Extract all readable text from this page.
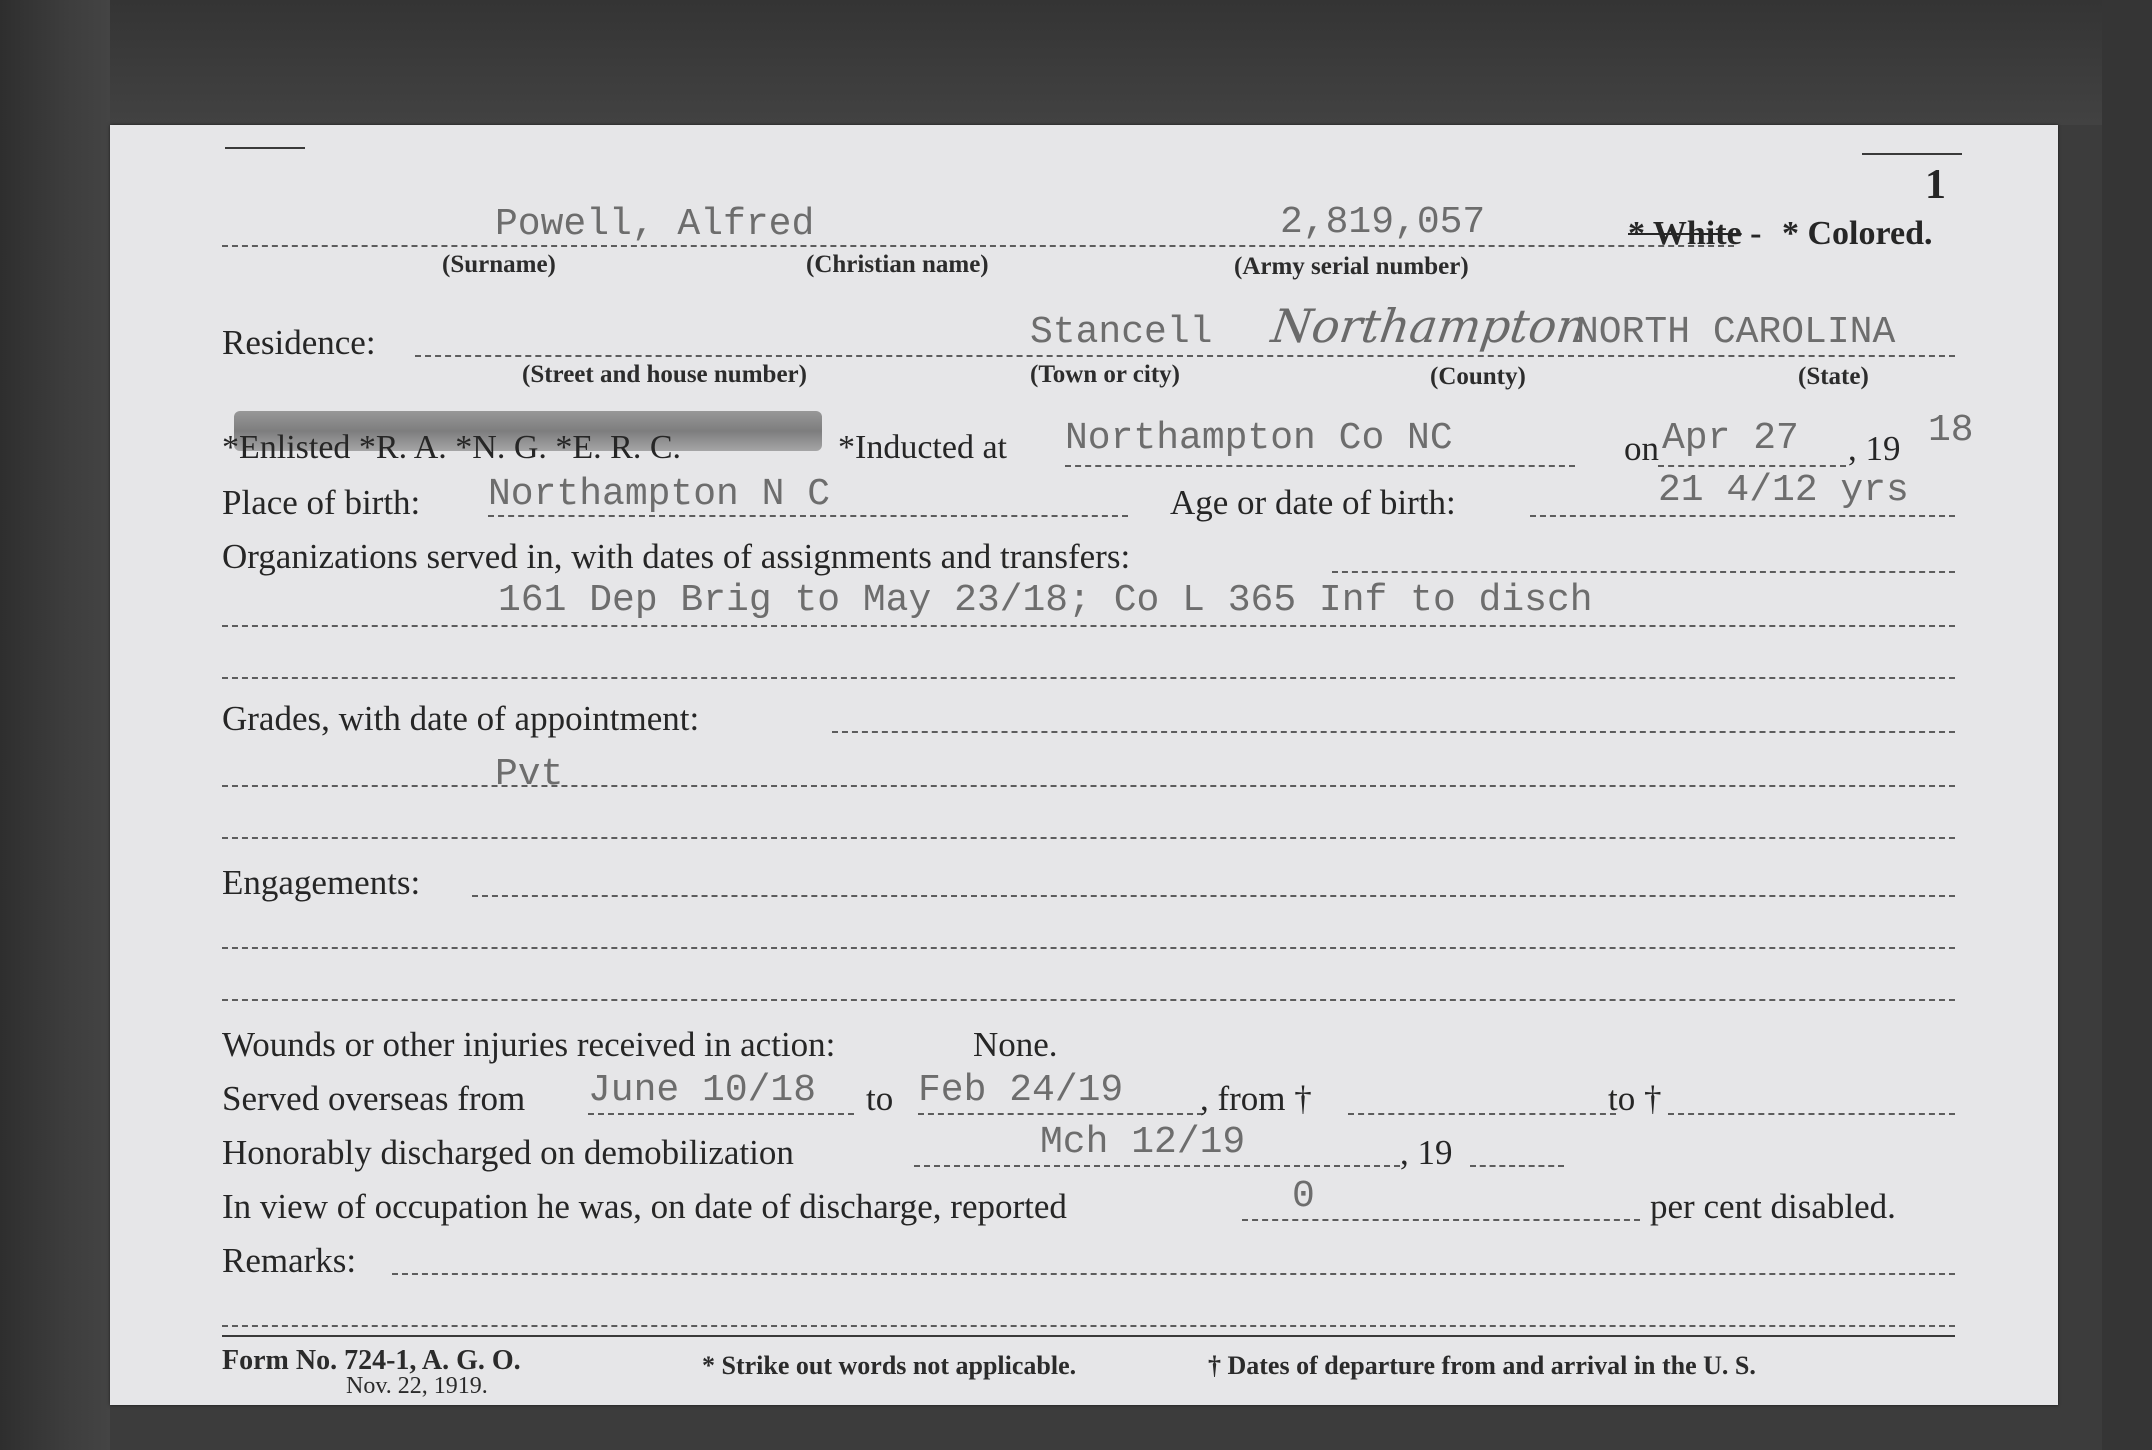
1
Powell, Alfred	2,819,057	* White - * Colored.
(Surname)	(Christian name)	(Army serial number)
Residence:	Stancell Northampton
NORTH CAROLINA
(Street and house number)	(Town or city)	(County)	(State)
*Enlisted *R. A. *N. G. *E. R. C.	*Inducted at Northampton Co NC	on Apr 27 , 19 18
Place of birth: Northampton N C	Age or date of birth:	21 4/12 yrs
Organizations served in, with dates of assignments and transfers:
161 Dep Brig to May 23/18; Co L 365 Inf to disch
Grades, with date of appointment:
Pvt
Engagements:
Wounds or other injuries received in action:	None.
Served overseas from June 10/18 to Feb 24/19 , from †	to †
Honorably discharged on demobilization	Mch 12/19	, 19
In view of occupation he was, on date of discharge, reported	0	per cent disabled.
Remarks:
Form No. 724-1, A. G. O.
Nov. 22, 1919.
* Strike out words not applicable.	† Dates of departure from and arrival in the U. S.
